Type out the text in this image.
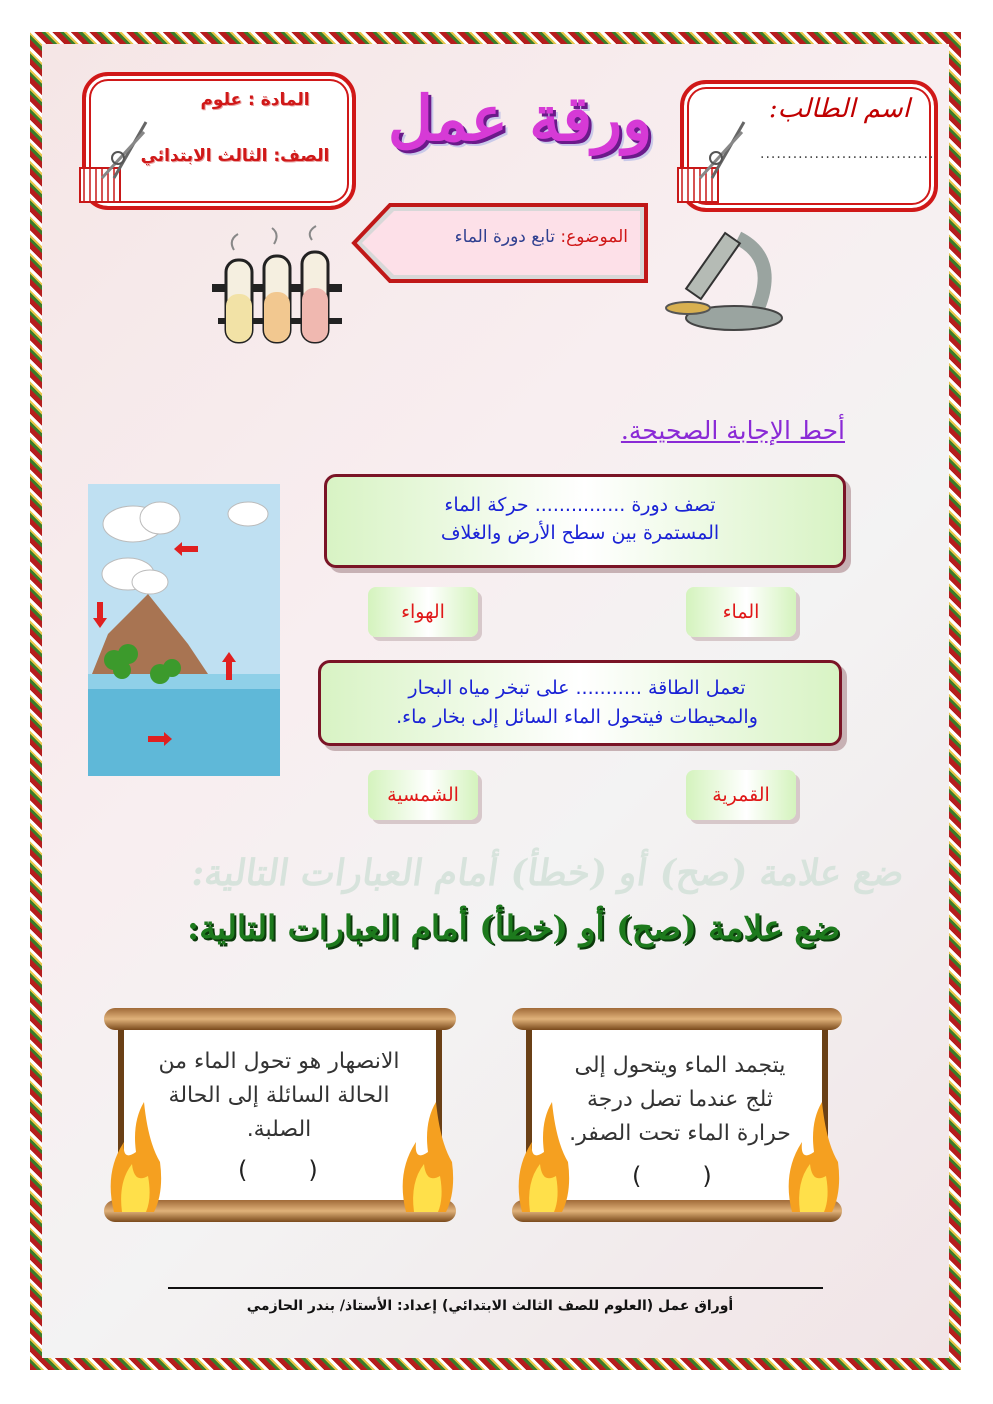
المادة : علوم
الصف: الثالث الابتدائي
ورقة عمل	اسم الطالب:
................................
الموضوع: تابع دورة الماء
أحط الإجابة الصحيحة.
تصف دورة ............... حركة الماء
المستمرة بين سطح الأرض والغلاف
الماء
الهواء
تعمل الطاقة ........... على تبخر مياه البحار
والمحيطات فيتحول الماء السائل إلى بخار ماء.
القمرية
الشمسية
ضع علامة (صح) أو (خطأ) أمام العبارات التالية:
ضع علامة (صح) أو (خطأ) أمام العبارات التالية:
يتجمد الماء ويتحول إلى
ثلج عندما تصل درجة
حرارة الماء تحت الصفر.
(        )
الانصهار هو تحول الماء من
الحالة السائلة إلى الحالة
الصلبة.
(        )
أوراق عمل (العلوم للصف الثالث الابتدائي) إعداد: الأستاذ/ بندر الحازمي
